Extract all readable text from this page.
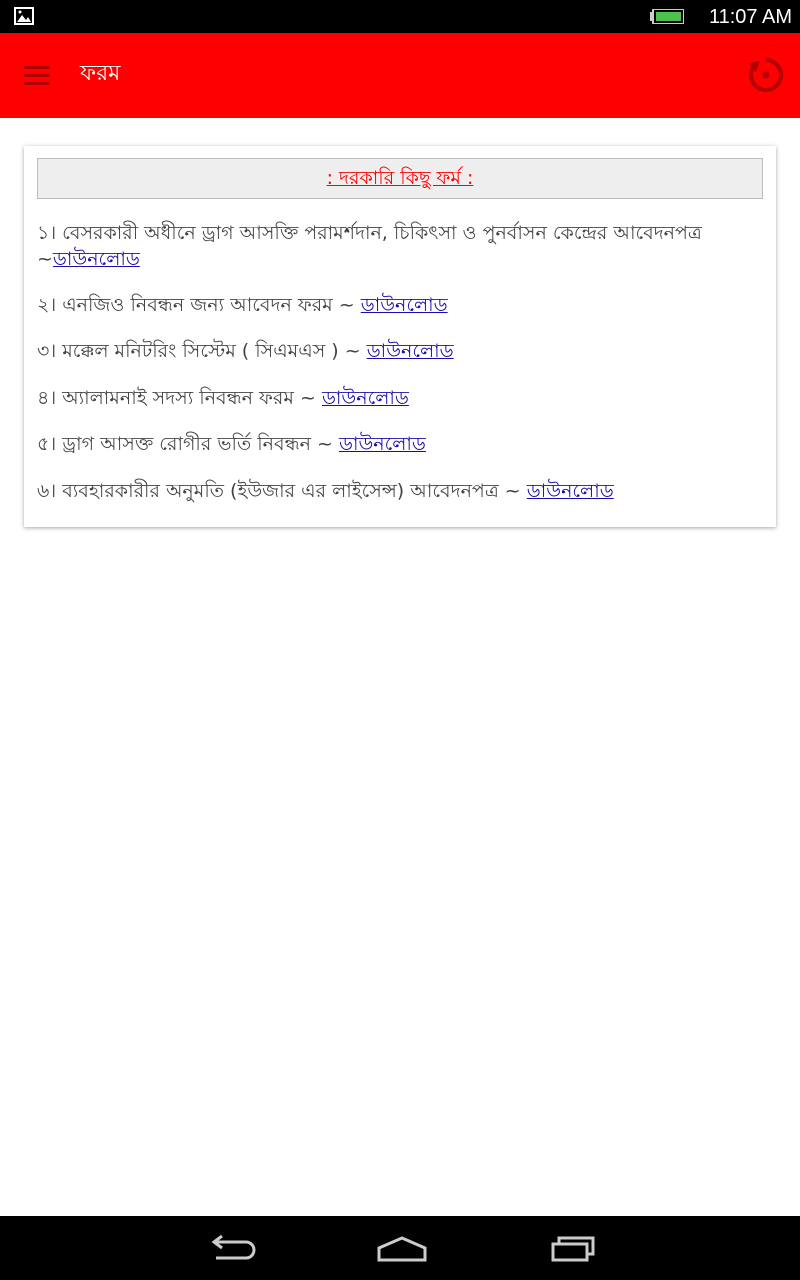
11:07 AM
ফরম
: দরকারি কিছু ফর্ম :
১। বেসরকারী অধীনে ড্রাগ আসক্তি পরামর্শদান, চিকিৎসা ও পুনর্বাসন কেন্দ্রের আবেদনপত্র ~ডাউনলোড
২। এনজিও নিবন্ধন জন্য আবেদন ফরম ~ ডাউনলোড
৩। মক্কেল মনিটরিং সিস্টেম ( সিএমএস ) ~ ডাউনলোড
৪। অ্যালামনাই সদস্য নিবন্ধন ফরম ~ ডাউনলোড
৫। ড্রাগ আসক্ত রোগীর ভর্তি নিবন্ধন ~ ডাউনলোড
৬। ব্যবহারকারীর অনুমতি (ইউজার এর লাইসেন্স) আবেদনপত্র ~ ডাউনলোড
